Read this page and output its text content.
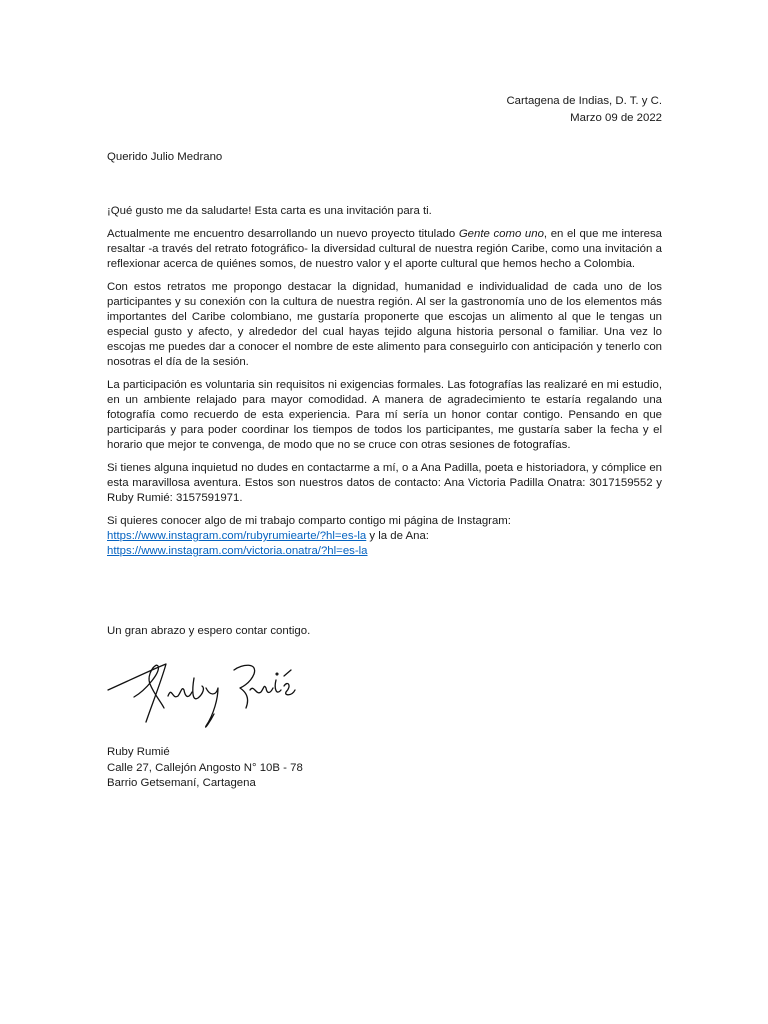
Cartagena de Indias, D. T. y C.
Marzo 09 de 2022
Querido Julio Medrano

¡Qué gusto me da saludarte! Esta carta es una invitación para ti.

Actualmente me encuentro desarrollando un nuevo proyecto titulado Gente como uno, en el que me interesa resaltar -a través del retrato fotográfico- la diversidad cultural de nuestra región Caribe, como una invitación a reflexionar acerca de quiénes somos, de nuestro valor y el aporte cultural que hemos hecho a Colombia.

Con estos retratos me propongo destacar la dignidad, humanidad e individualidad de cada uno de los participantes y su conexión con la cultura de nuestra región. Al ser la gastronomía uno de los elementos más importantes del Caribe colombiano, me gustaría proponerte que escojas un alimento al que le tengas un especial gusto y afecto, y alrededor del cual hayas tejido alguna historia personal o familiar. Una vez lo escojas me puedes dar a conocer el nombre de este alimento para conseguirlo con anticipación y tenerlo con nosotras el día de la sesión.

La participación es voluntaria sin requisitos ni exigencias formales. Las fotografías las realizaré en mi estudio, en un ambiente relajado para mayor comodidad. A manera de agradecimiento te estaría regalando una fotografía como recuerdo de esta experiencia. Para mí sería un honor contar contigo. Pensando en que participarás y para poder coordinar los tiempos de todos los participantes, me gustaría saber la fecha y el horario que mejor te convenga, de modo que no se cruce con otras sesiones de fotografías.

Si tienes alguna inquietud no dudes en contactarme a mí, o a Ana Padilla, poeta e historiadora, y cómplice en esta maravillosa aventura. Estos son nuestros datos de contacto: Ana Victoria Padilla Onatra: 3017159552 y Ruby Rumié: 3157591971.

Si quieres conocer algo de mi trabajo comparto contigo mi página de Instagram:
https://www.instagram.com/rubyrumiearte/?hl=es-la y la de Ana:
https://www.instagram.com/victoria.onatra/?hl=es-la

Un gran abrazo y espero contar contigo.
Ruby Rumié
Calle 27, Callejón Angosto N° 10B - 78
Barrio Getsemaní, Cartagena
